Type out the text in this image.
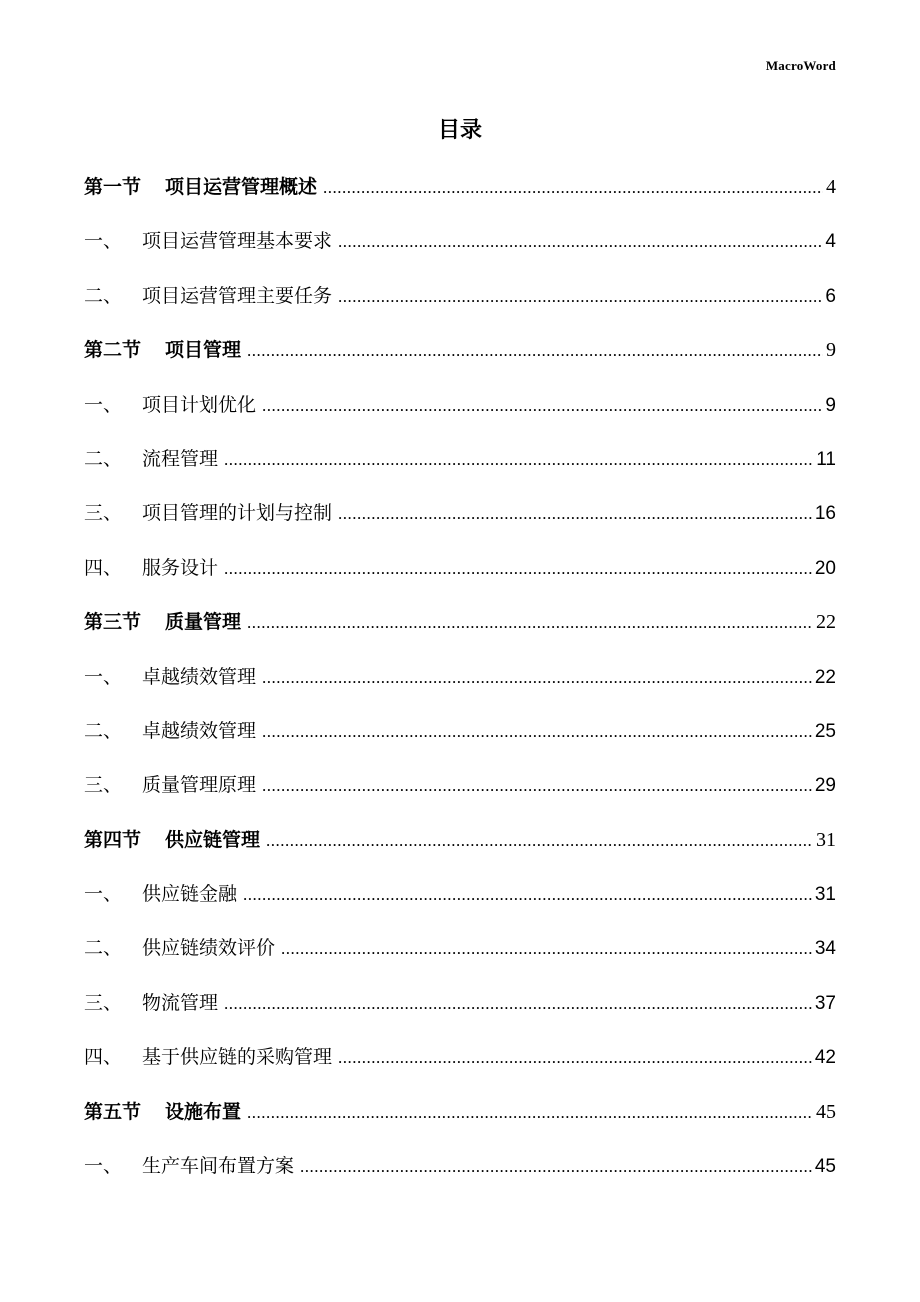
MacroWord
目录
第一节	项目运营管理概述 .....	4
一、	项目运营管理基本要求 .....	4
二、	项目运营管理主要任务 .....	6
第二节	项目管理 .....	9
一、	项目计划优化 .....	9
二、	流程管理 .....	11
三、	项目管理的计划与控制 .....	16
四、	服务设计 .....	20
第三节	质量管理 .....	22
一、	卓越绩效管理 .....	22
二、	卓越绩效管理 .....	25
三、	质量管理原理 .....	29
第四节	供应链管理 .....	31
一、	供应链金融 .....	31
二、	供应链绩效评价 .....	34
三、	物流管理 .....	37
四、	基于供应链的采购管理 .....	42
第五节	设施布置 .....	45
一、	生产车间布置方案 .....	45
